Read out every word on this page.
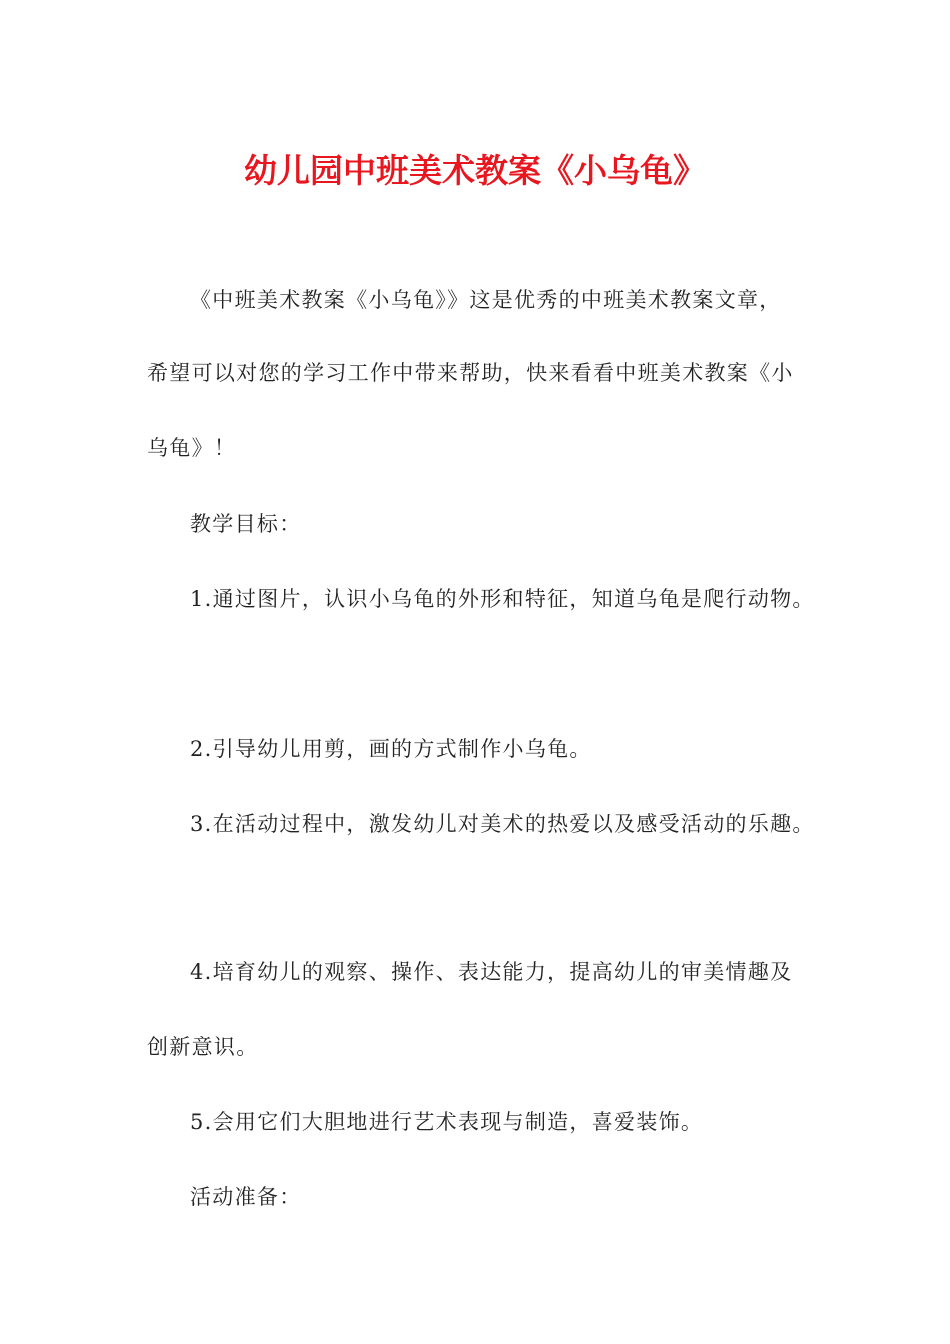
幼儿园中班美术教案《小乌龟》

《中班美术教案《小乌龟》》这是优秀的中班美术教案文章，

希望可以对您的学习工作中带来帮助，快来看看中班美术教案《小

乌龟》！

教学目标：

1.通过图片，认识小乌龟的外形和特征，知道乌龟是爬行动物。

2.引导幼儿用剪，画的方式制作小乌龟。

3.在活动过程中，激发幼儿对美术的热爱以及感受活动的乐趣。

4.培育幼儿的观察、操作、表达能力，提高幼儿的审美情趣及

创新意识。

5.会用它们大胆地进行艺术表现与制造，喜爱装饰。

活动准备：
